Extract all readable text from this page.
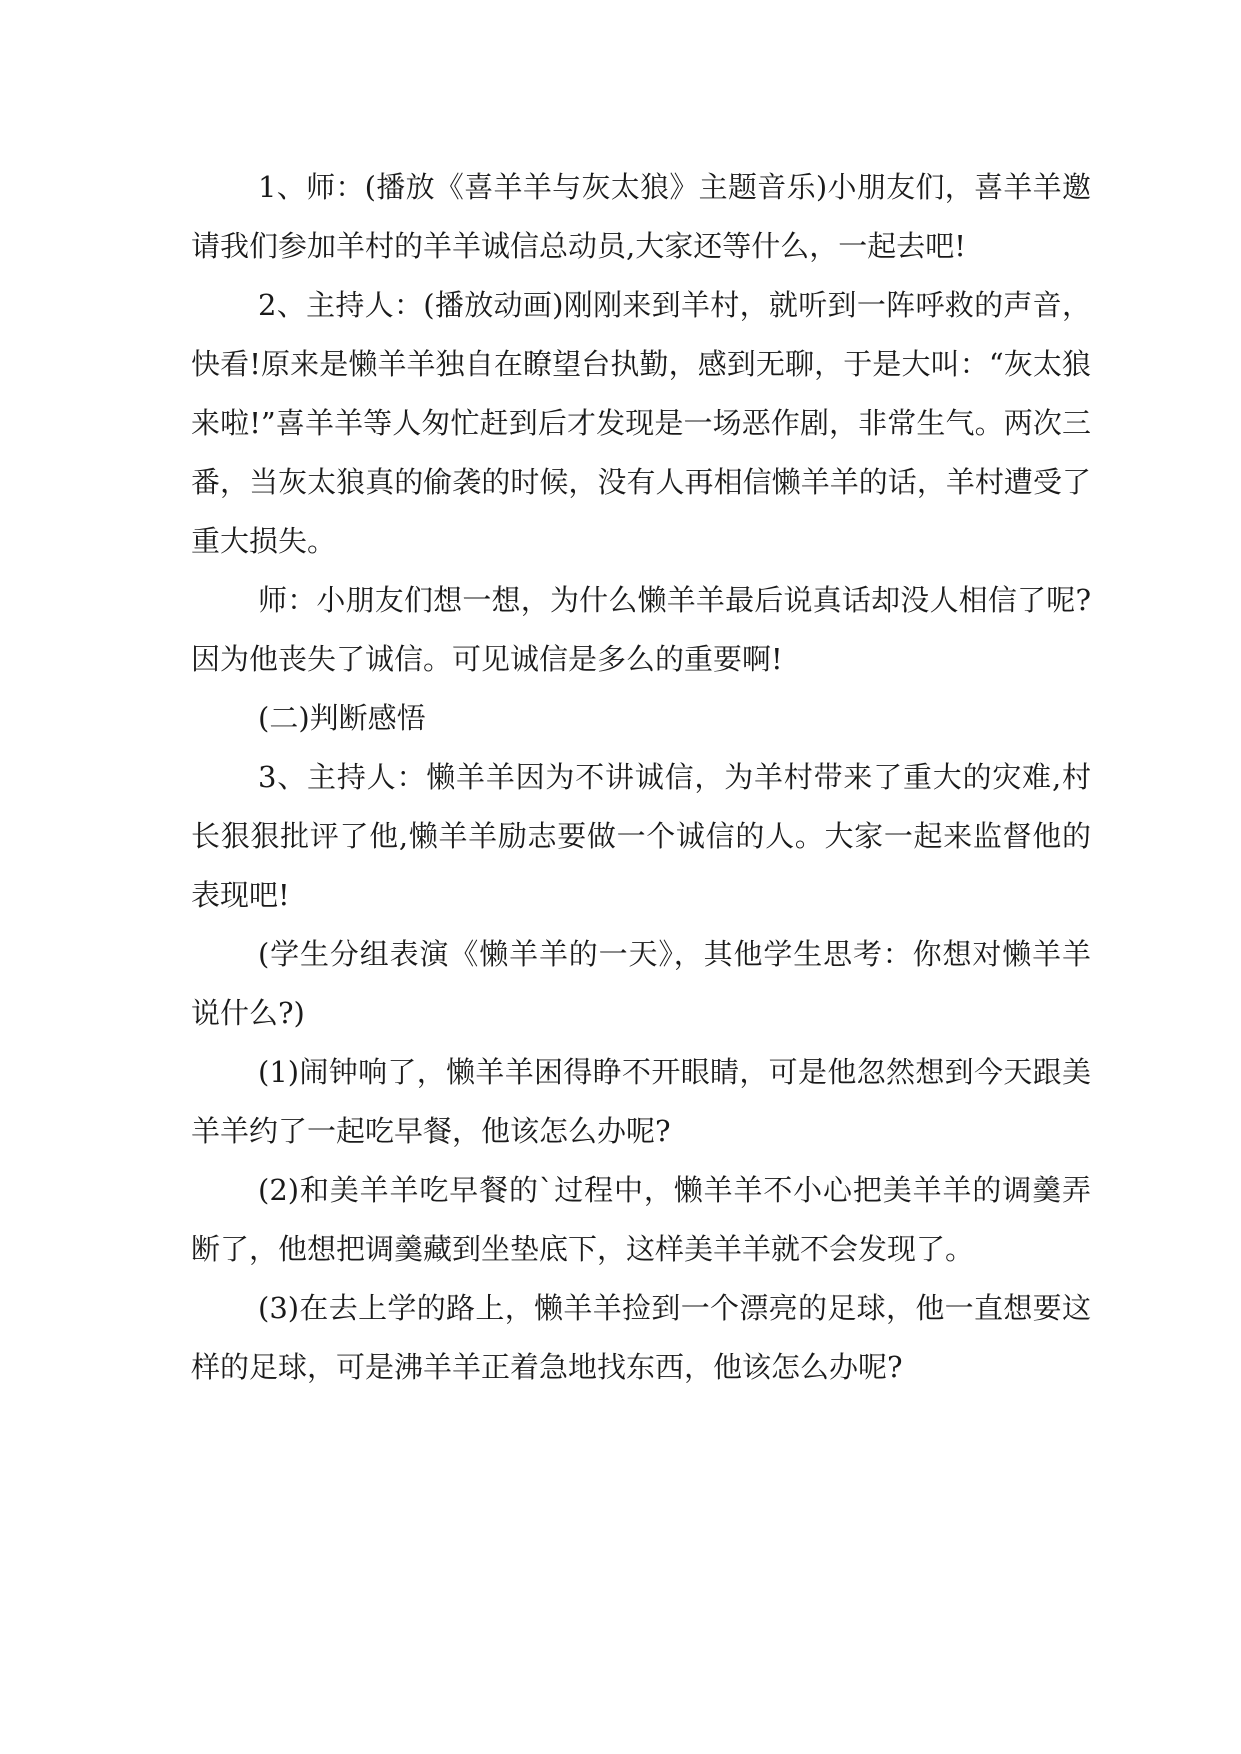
1、师：(播放《喜羊羊与灰太狼》主题音乐)小朋友们，喜羊羊邀请我们参加羊村的羊羊诚信总动员,大家还等什么，一起去吧!

2、主持人：(播放动画)刚刚来到羊村，就听到一阵呼救的声音，快看!原来是懒羊羊独自在瞭望台执勤，感到无聊，于是大叫：“灰太狼来啦!”喜羊羊等人匆忙赶到后才发现是一场恶作剧，非常生气。两次三番，当灰太狼真的偷袭的时候，没有人再相信懒羊羊的话，羊村遭受了重大损失。

师：小朋友们想一想，为什么懒羊羊最后说真话却没人相信了呢?因为他丧失了诚信。可见诚信是多么的重要啊!

(二)判断感悟

3、主持人：懒羊羊因为不讲诚信，为羊村带来了重大的灾难,村长狠狠批评了他,懒羊羊励志要做一个诚信的人。大家一起来监督他的表现吧!

(学生分组表演《懒羊羊的一天》，其他学生思考：你想对懒羊羊说什么?)

(1)闹钟响了，懒羊羊困得睁不开眼睛，可是他忽然想到今天跟美羊羊约了一起吃早餐，他该怎么办呢?

(2)和美羊羊吃早餐的`过程中，懒羊羊不小心把美羊羊的调羹弄断了，他想把调羹藏到坐垫底下，这样美羊羊就不会发现了。

(3)在去上学的路上，懒羊羊捡到一个漂亮的足球，他一直想要这样的足球，可是沸羊羊正着急地找东西，他该怎么办呢?
